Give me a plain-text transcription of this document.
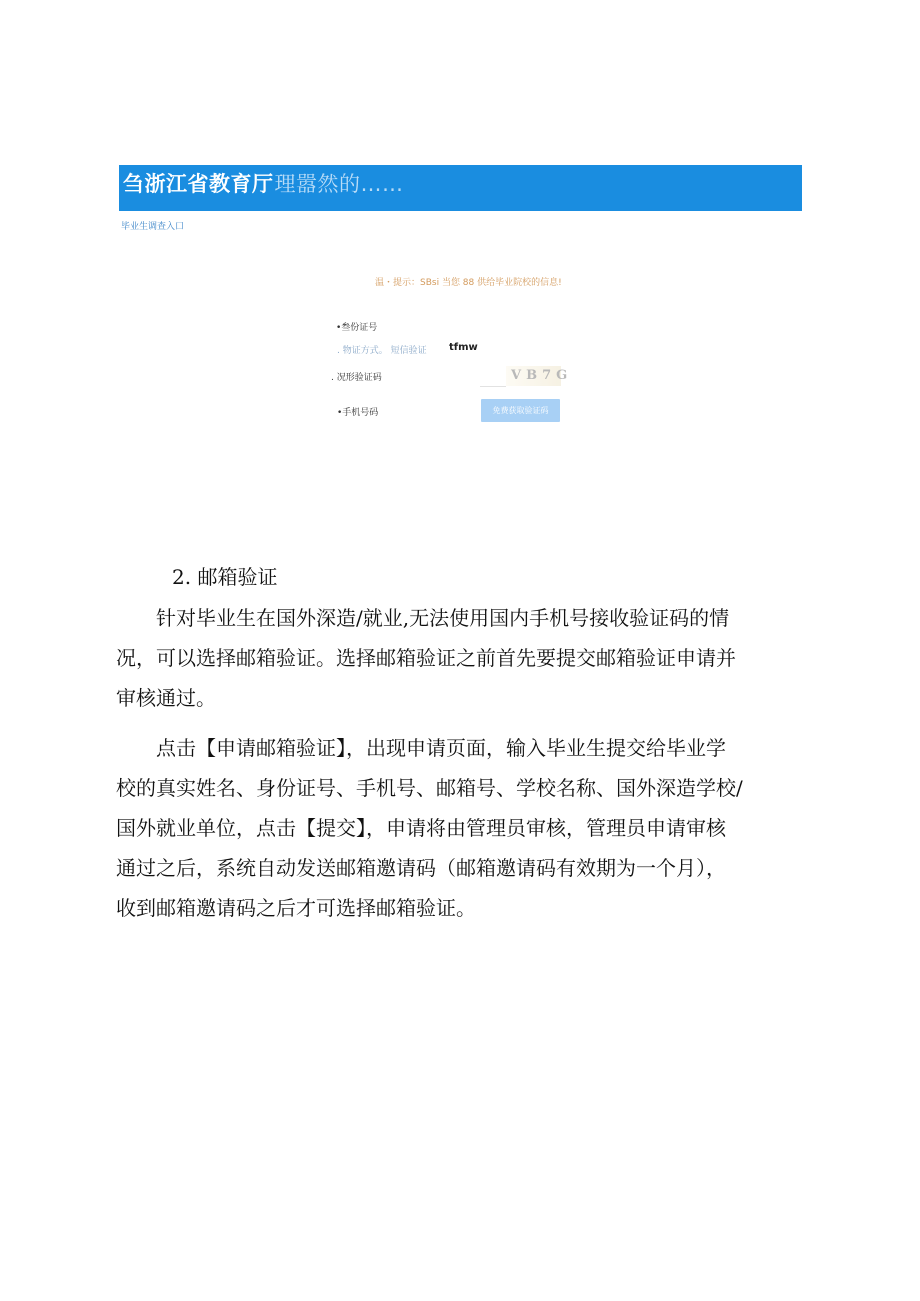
刍浙江省教育厅理嚣然的……
毕业生调查入口
温・提示：SBsi 当您 88 供给毕业院校的信息!
•叁份证号
. 物证方式。 短信验证 tfmw
. 况形验证码	VB7G
•手机号码	免费获取验证码
2. 邮箱验证
　　针对毕业生在国外深造/就业,无法使用国内手机号接收验证码的情
况，可以选择邮箱验证。选择邮箱验证之前首先要提交邮箱验证申请并
审核通过。
　　点击【申请邮箱验证】，出现申请页面，输入毕业生提交给毕业学
校的真实姓名、身份证号、手机号、邮箱号、学校名称、国外深造学校/
国外就业单位，点击【提交】，申请将由管理员审核，管理员申请审核
通过之后，系统自动发送邮箱邀请码（邮箱邀请码有效期为一个月），
收到邮箱邀请码之后才可选择邮箱验证。
